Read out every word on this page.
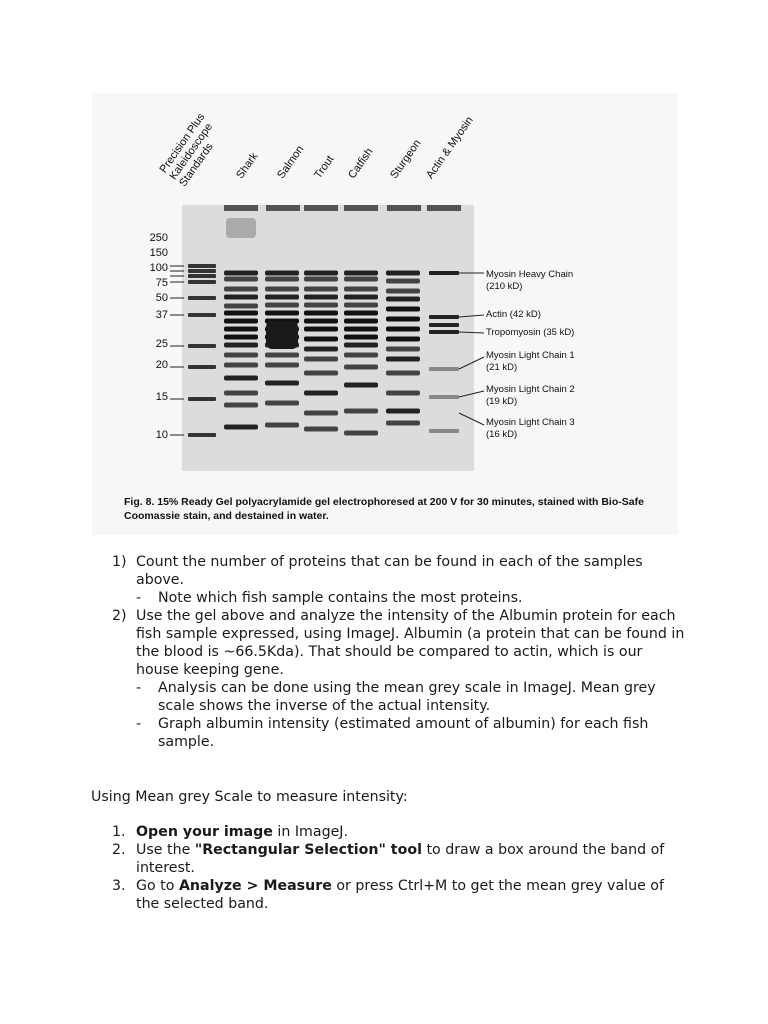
Precision Plus
Kaleidoscope
Standards	Shark Salmon Trout Catfish Sturgeon Actin & Myosin
250
150
100
75
50
37
25
20
15
10
Myosin Heavy Chain
(210 kD)
Actin (42 kD)
Tropomyosin (35 kD)
Myosin Light Chain 1
(21 kD)
Myosin Light Chain 2
(19 kD)
Myosin Light Chain 3
(16 kD)
Fig. 8. 15% Ready Gel polyacrylamide gel electrophoresed at 200 V for 30 minutes, stained with Bio-Safe
Coomassie stain, and destained in water.
1) Count the number of proteins that can be found in each of the samples above.
- Note which fish sample contains the most proteins.
2) Use the gel above and analyze the intensity of the Albumin protein for each fish sample expressed, using ImageJ. Albumin (a protein that can be found in the blood is ~66.5Kda). That should be compared to actin, which is our house keeping gene.
- Analysis can be done using the mean grey scale in ImageJ. Mean grey scale shows the inverse of the actual intensity.
- Graph albumin intensity (estimated amount of albumin) for each fish sample.
Using Mean grey Scale to measure intensity:
1. Open your image in ImageJ.
2. Use the "Rectangular Selection" tool to draw a box around the band of interest.
3. Go to Analyze > Measure or press Ctrl+M to get the mean grey value of the selected band.
